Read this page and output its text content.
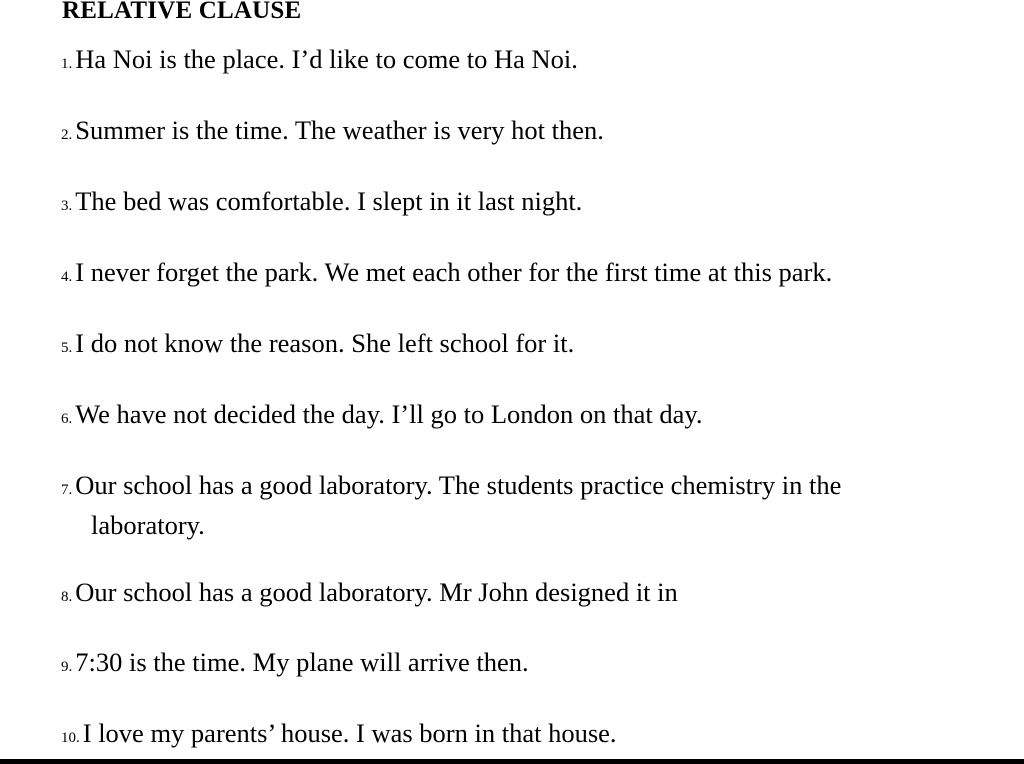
RELATIVE CLAUSE
1. Ha Noi is the place. I’d like to come to Ha Noi.
2. Summer is the time. The weather is very hot then.
3. The bed was comfortable. I slept in it last night.
4. I never forget the park. We met each other for the first time at this park.
5. I do not know the reason. She left school for it.
6. We have not decided the day. I’ll go to London on that day.
7. Our school has a good laboratory. The students practice chemistry in the
laboratory.
8. Our school has a good laboratory. Mr John designed it in
9. 7:30 is the time. My plane will arrive then.
10. I love my parents’ house. I was born in that house.
